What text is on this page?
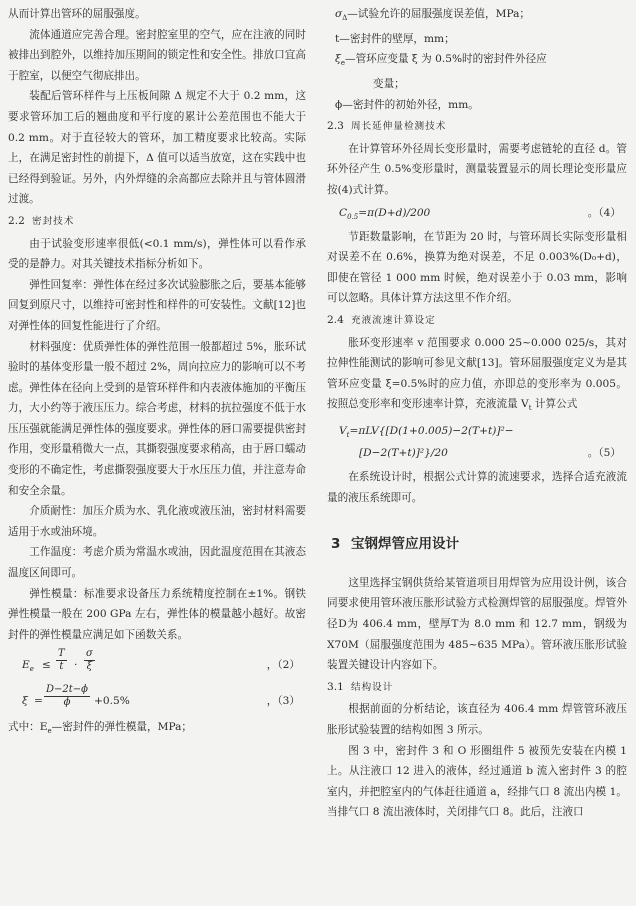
从而计算出管环的屈服强度。

流体通道应完善合理。密封腔室里的空气，应在注液的同时被排出到腔外，以维持加压期间的锁定性和安全性。排放口宜高于腔室，以便空气彻底排出。

装配后管环样件与上压板间隙 Δ 规定不大于 0.2 mm，这要求管环加工后的翘曲度和平行度的累计公差范围也不能大于 0.2 mm。对于直径较大的管环，加工精度要求比较高。实际上，在满足密封性的前提下，Δ 值可以适当放宽，这在实践中也已经得到验证。另外，内外焊缝的余高都应去除并且与管体圆滑过渡。

2.2 密封技术

由于试验变形速率很低(<0.1 mm/s)，弹性体可以看作承受的是静力。对其关键技术指标分析如下。

弹性回复率：弹性体在经过多次试验膨胀之后，要基本能够回复到原尺寸，以维持可密封性和样件的可安装性。文献[12]也对弹性体的回复性能进行了介绍。

材料强度：优质弹性体的弹性范围一般都超过 5%，胀环试验时的基体变形量一般不超过 2%，周向拉应力的影响可以不考虑。弹性体在径向上受到的是管环样件和内表液体施加的平衡压力，大小约等于液压压力。综合考虑，材料的抗拉强度不低于水压压强就能满足弹性体的强度要求。弹性体的唇口需要提供密封作用，变形量稍微大一点，其撕裂强度要求稍高，由于唇口蠕动变形的不确定性，考虑撕裂强度要大于水压压力值，并注意寿命和安全余量。

介质耐性：加压介质为水、乳化液或液压油，密封材料需要适用于水或油环境。

工作温度：考虑介质为常温水或油，因此温度范围在其液态温度区间即可。

弹性模量：标准要求设备压力系统精度控制在±1%。钢铁弹性模量一般在 200 GPa 左右，弹性体的模量越小越好。故密封件的弹性模量应满足如下函数关系。

$E_e \le \frac{T}{t} \cdot \frac{\sigma}{\xi}$	，（2）
$\xi = \frac{D-2t-\phi}{\phi} +0.5\%$	，（3）

式中：$E_e—$密封件的弹性模量，MPa；

$\sigma_\Delta—$试验允许的屈服强度误差值，MPa；
t—密封件的壁厚，mm；
$\xi_e—$管环应变量 ξ 为 0.5%时的密封件外径应
变量；
ϕ—密封件的初始外径，mm。
2.3 周长延伸量检测技术

在计算管环外径周长变形量时，需要考虑链轮的直径 d。管环外径产生 0.5%变形量时，测量装置显示的周长理论变形量应按(4)式计算。

$C_{0.5}=\pi(D+d)/200$	。（4）

节距数量影响，在节距为 20 时，与管环周长实际变形量相对误差不在 0.6%，换算为绝对误差，不足 0.003%(D₀+d)，即使在管径 1 000 mm 时候，绝对误差小于 0.03 mm，影响可以忽略。具体计算方法这里不作介绍。

2.4 充液流速计算设定

胀环变形速率 v 范围要求 0.000 25~0.000 025/s，其对拉伸性能测试的影响可参见文献[13]。管环屈服强度定义为是其管环应变量 ξ=0.5%时的应力值，亦即总的变形率为 0.005。按照总变形率和变形速率计算，充液流量 $V_t$ 计算公式

$V_t=\pi LV\{[D(1+0.005)-2(T+t)]^2-$
[D−2(T+t)]²}/20	。（5）

在系统设计时，根据公式计算的流速要求，选择合适充液流量的液压系统即可。

3 宝钢焊管应用设计

这里选择宝钢供货给某管道项目用焊管为应用设计例，该合同要求使用管环液压胀形试验方式检测焊管的屈服强度。焊管外径D为 406.4 mm，壁厚T为 8.0 mm 和 12.7 mm，钢级为 X70M（屈服强度范围为 485~635 MPa）。管环液压胀形试验装置关键设计内容如下。

3.1 结构设计

根据前面的分析结论，该直径为 406.4 mm 焊管管环液压胀形试验装置的结构如图 3 所示。

图 3 中，密封件 3 和 O 形圈组件 5 被预先安装在内模 1 上。从注液口 12 进入的液体，经过通道 b 流入密封件 3 的腔室内，并把腔室内的气体赶往通道 a，经排气口 8 流出内模 1。当排气口 8 流出液体时，关闭排气口 8。此后，注液口
